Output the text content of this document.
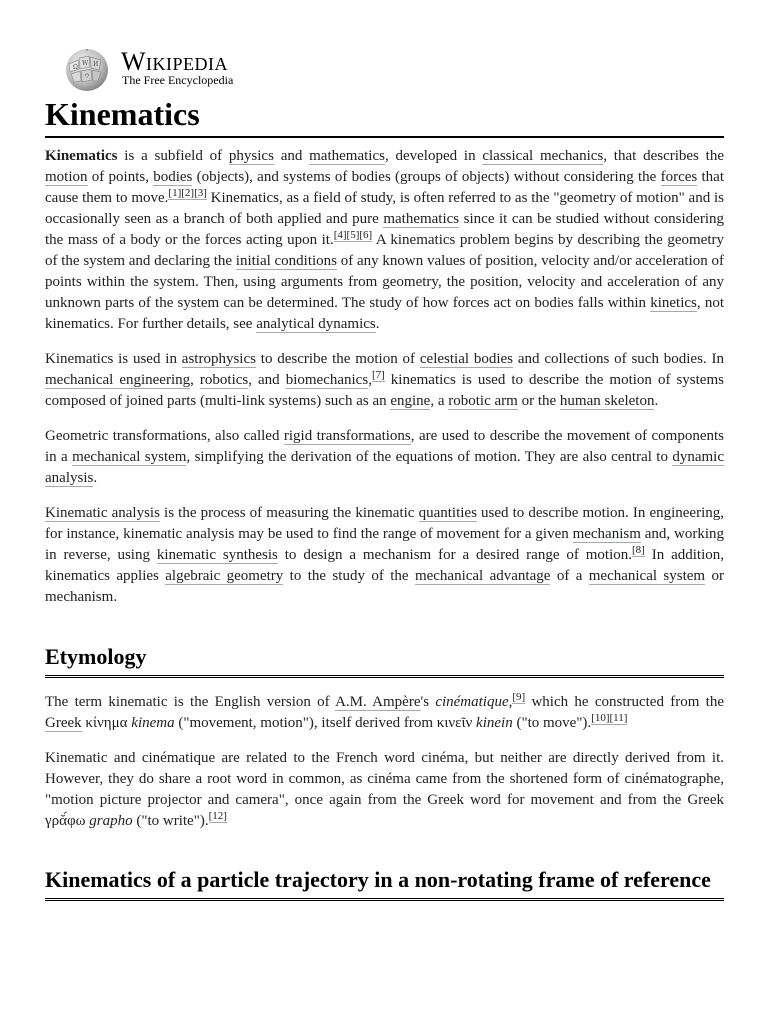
Ω
W И
ウ
Wikipedia
The Free Encyclopedia
Kinematics

Kinematics is a subfield of physics and mathematics, developed in classical mechanics, that describes the motion of points, bodies (objects), and systems of bodies (groups of objects) without considering the forces that cause them to move.[1][2][3] Kinematics, as a field of study, is often referred to as the "geometry of motion" and is occasionally seen as a branch of both applied and pure mathematics since it can be studied without considering the mass of a body or the forces acting upon it.[4][5][6] A kinematics problem begins by describing the geometry of the system and declaring the initial conditions of any known values of position, velocity and/or acceleration of points within the system. Then, using arguments from geometry, the position, velocity and acceleration of any unknown parts of the system can be determined. The study of how forces act on bodies falls within kinetics, not kinematics. For further details, see analytical dynamics.

Kinematics is used in astrophysics to describe the motion of celestial bodies and collections of such bodies. In mechanical engineering, robotics, and biomechanics,[7] kinematics is used to describe the motion of systems composed of joined parts (multi-link systems) such as an engine, a robotic arm or the human skeleton.

Geometric transformations, also called rigid transformations, are used to describe the movement of components in a mechanical system, simplifying the derivation of the equations of motion. They are also central to dynamic analysis.

Kinematic analysis is the process of measuring the kinematic quantities used to describe motion. In engineering, for instance, kinematic analysis may be used to find the range of movement for a given mechanism and, working in reverse, using kinematic synthesis to design a mechanism for a desired range of motion.[8] In addition, kinematics applies algebraic geometry to the study of the mechanical advantage of a mechanical system or mechanism.

Etymology

The term kinematic is the English version of A.M. Ampère's cinématique,[9] which he constructed from the Greek κίνημα kinema ("movement, motion"), itself derived from κινεῖν kinein ("to move").[10][11]

Kinematic and cinématique are related to the French word cinéma, but neither are directly derived from it. However, they do share a root word in common, as cinéma came from the shortened form of cinématographe, "motion picture projector and camera", once again from the Greek word for movement and from the Greek γρᾰ́φω grapho ("to write").[12]

Kinematics of a particle trajectory in a non-rotating frame of reference
